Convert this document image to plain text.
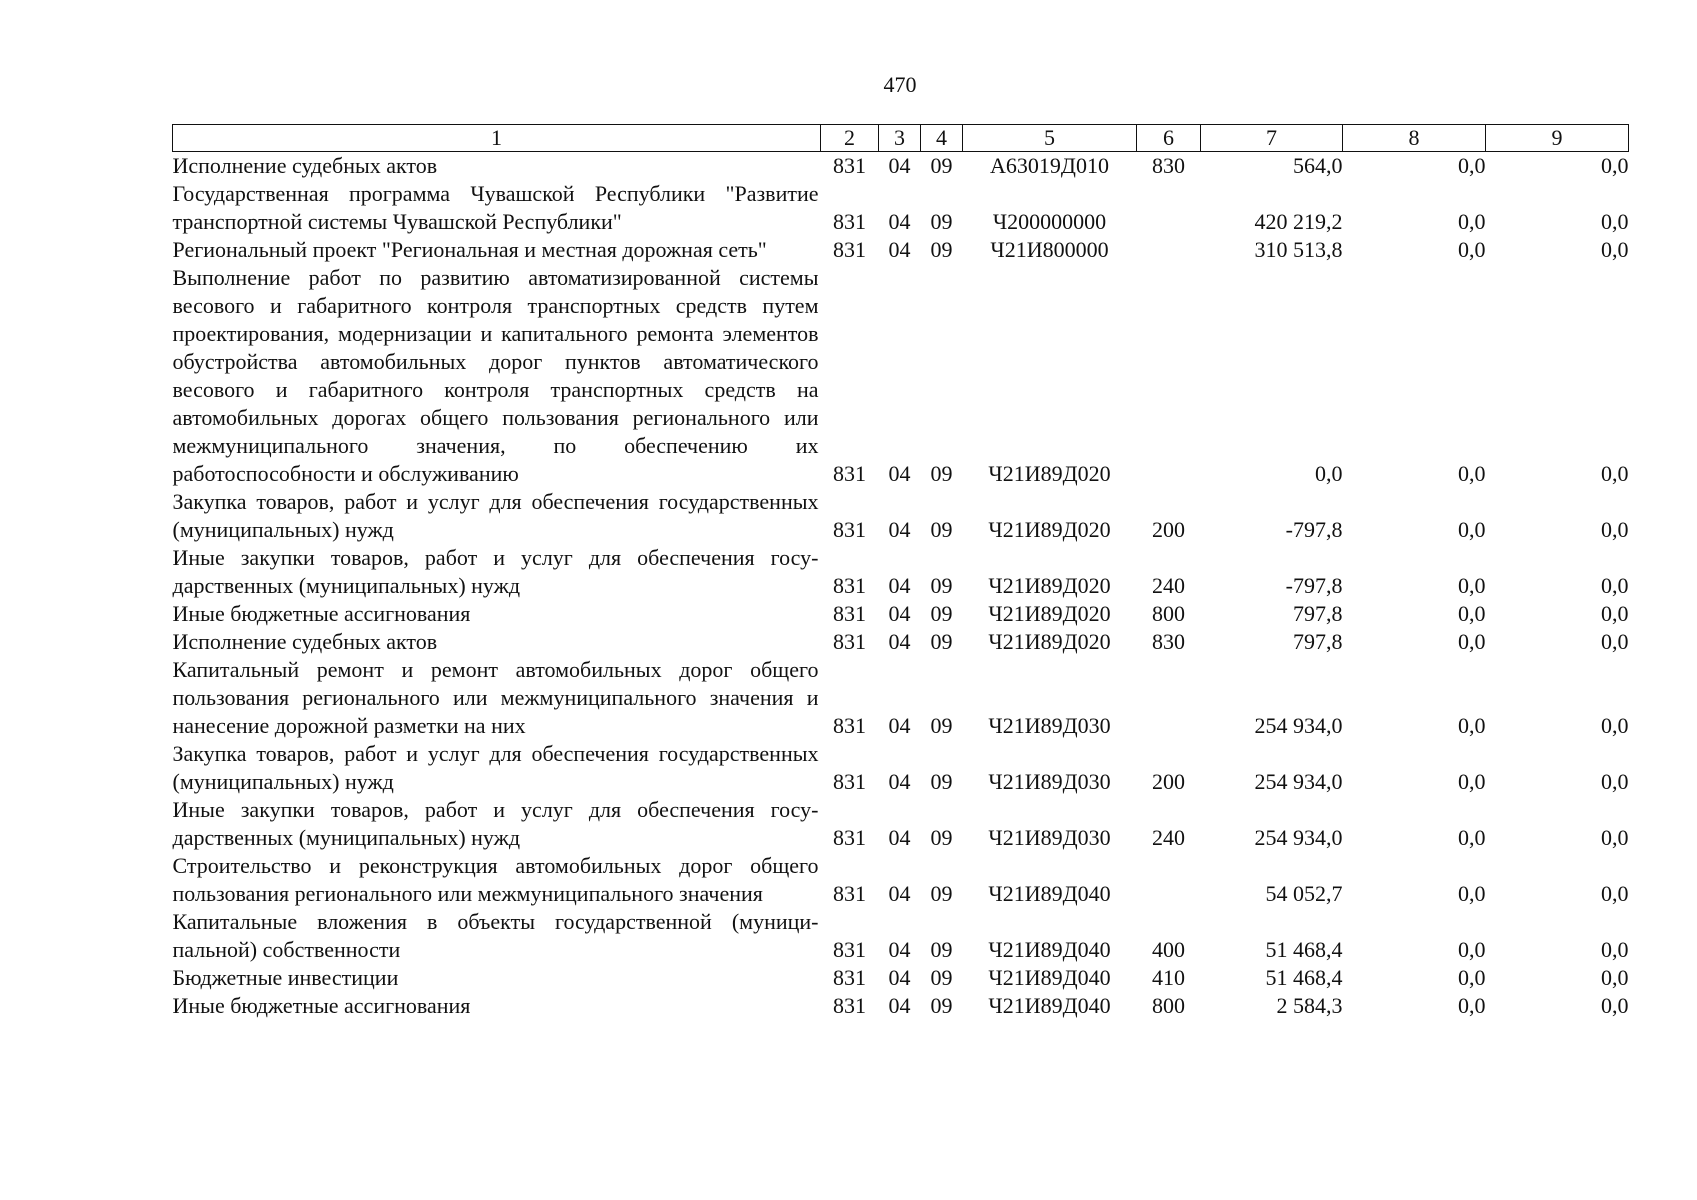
470
1	2	3	4	5	6	7	8	9
Исполнение судебных актов	831	04	09	А63019Д010	830	564,0	0,0	0,0
Государственная программа Чувашской Республики "Развитие транспортной системы Чувашской Республики"	831	04	09	Ч200000000		420 219,2	0,0	0,0
Региональный проект "Региональная и местная дорожная сеть"	831	04	09	Ч21И800000		310 513,8	0,0	0,0
Выполнение работ по развитию автоматизированной системы весового и габаритного контроля транспортных средств путем проектирования, модернизации и капитального ремонта элементов обустройства автомобильных дорог пунктов автоматического весового и габаритного контроля транспортных средств на автомобильных дорогах общего пользования регионального или межмуниципального значения, по обеспечению их работоспособности и обслуживанию	831	04	09	Ч21И89Д020		0,0	0,0	0,0
Закупка товаров, работ и услуг для обеспечения государственных (муниципальных) нужд	831	04	09	Ч21И89Д020	200	-797,8	0,0	0,0
Иные закупки товаров, работ и услуг для обеспечения государственных (муниципальных) нужд	831	04	09	Ч21И89Д020	240	-797,8	0,0	0,0
Иные бюджетные ассигнования	831	04	09	Ч21И89Д020	800	797,8	0,0	0,0
Исполнение судебных актов	831	04	09	Ч21И89Д020	830	797,8	0,0	0,0
Капитальный ремонт и ремонт автомобильных дорог общего пользования регионального или межмуниципального значения и нанесение дорожной разметки на них	831	04	09	Ч21И89Д030		254 934,0	0,0	0,0
Закупка товаров, работ и услуг для обеспечения государственных (муниципальных) нужд	831	04	09	Ч21И89Д030	200	254 934,0	0,0	0,0
Иные закупки товаров, работ и услуг для обеспечения государственных (муниципальных) нужд	831	04	09	Ч21И89Д030	240	254 934,0	0,0	0,0
Строительство и реконструкция автомобильных дорог общего пользования регионального или межмуниципального значения	831	04	09	Ч21И89Д040		54 052,7	0,0	0,0
Капитальные вложения в объекты государственной (муниципальной) собственности	831	04	09	Ч21И89Д040	400	51 468,4	0,0	0,0
Бюджетные инвестиции	831	04	09	Ч21И89Д040	410	51 468,4	0,0	0,0
Иные бюджетные ассигнования	831	04	09	Ч21И89Д040	800	2 584,3	0,0	0,0
